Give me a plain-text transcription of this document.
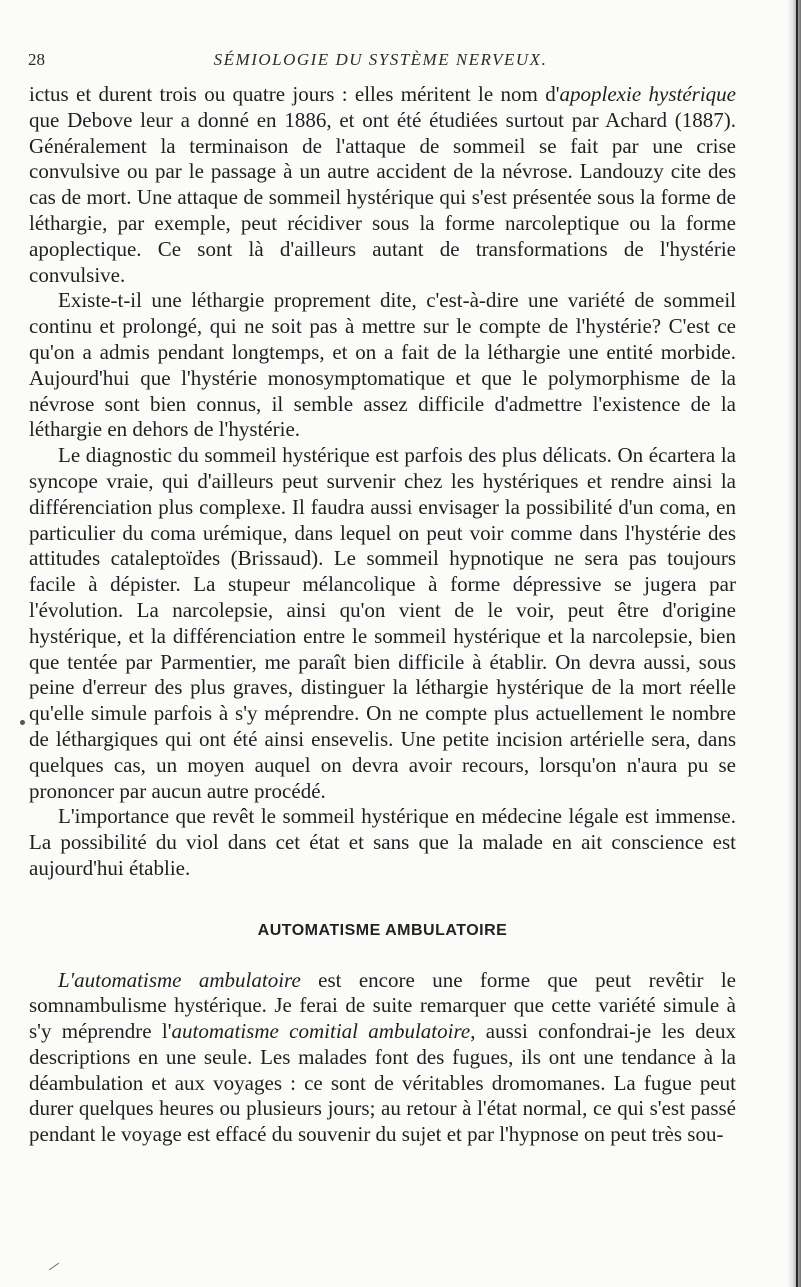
28	SÉMIOLOGIE DU SYSTÈME NERVEUX.

ictus et durent trois ou quatre jours : elles méritent le nom d'apoplexie hystérique que Debove leur a donné en 1886, et ont été étudiées surtout par Achard (1887). Généralement la terminaison de l'attaque de sommeil se fait par une crise convulsive ou par le passage à un autre accident de la névrose. Landouzy cite des cas de mort. Une attaque de sommeil hystérique qui s'est présentée sous la forme de léthargie, par exemple, peut récidiver sous la forme narcoleptique ou la forme apoplectique. Ce sont là d'ailleurs autant de transformations de l'hystérie convulsive.

Existe-t-il une léthargie proprement dite, c'est-à-dire une variété de sommeil continu et prolongé, qui ne soit pas à mettre sur le compte de l'hystérie? C'est ce qu'on a admis pendant longtemps, et on a fait de la léthargie une entité morbide. Aujourd'hui que l'hystérie monosymptomatique et que le polymorphisme de la névrose sont bien connus, il semble assez difficile d'admettre l'existence de la léthargie en dehors de l'hystérie.

Le diagnostic du sommeil hystérique est parfois des plus délicats. On écartera la syncope vraie, qui d'ailleurs peut survenir chez les hystériques et rendre ainsi la différenciation plus complexe. Il faudra aussi envisager la possibilité d'un coma, en particulier du coma urémique, dans lequel on peut voir comme dans l'hystérie des attitudes cataleptoïdes (Brissaud). Le sommeil hypnotique ne sera pas toujours facile à dépister. La stupeur mélancolique à forme dépressive se jugera par l'évolution. La narcolepsie, ainsi qu'on vient de le voir, peut être d'origine hystérique, et la différenciation entre le sommeil hystérique et la narcolepsie, bien que tentée par Parmentier, me paraît bien difficile à établir. On devra aussi, sous peine d'erreur des plus graves, distinguer la léthargie hystérique de la mort réelle qu'elle simule parfois à s'y méprendre. On ne compte plus actuellement le nombre de léthargiques qui ont été ainsi ensevelis. Une petite incision artérielle sera, dans quelques cas, un moyen auquel on devra avoir recours, lorsqu'on n'aura pu se prononcer par aucun autre procédé.

L'importance que revêt le sommeil hystérique en médecine légale est immense. La possibilité du viol dans cet état et sans que la malade en ait conscience est aujourd'hui établie.

AUTOMATISME AMBULATOIRE

L'automatisme ambulatoire est encore une forme que peut revêtir le somnambulisme hystérique. Je ferai de suite remarquer que cette variété simule à s'y méprendre l'automatisme comitial ambulatoire, aussi confondrai-je les deux descriptions en une seule. Les malades font des fugues, ils ont une tendance à la déambulation et aux voyages : ce sont de véritables dromomanes. La fugue peut durer quelques heures ou plusieurs jours; au retour à l'état normal, ce qui s'est passé pendant le voyage est effacé du souvenir du sujet et par l'hypnose on peut très sou-
